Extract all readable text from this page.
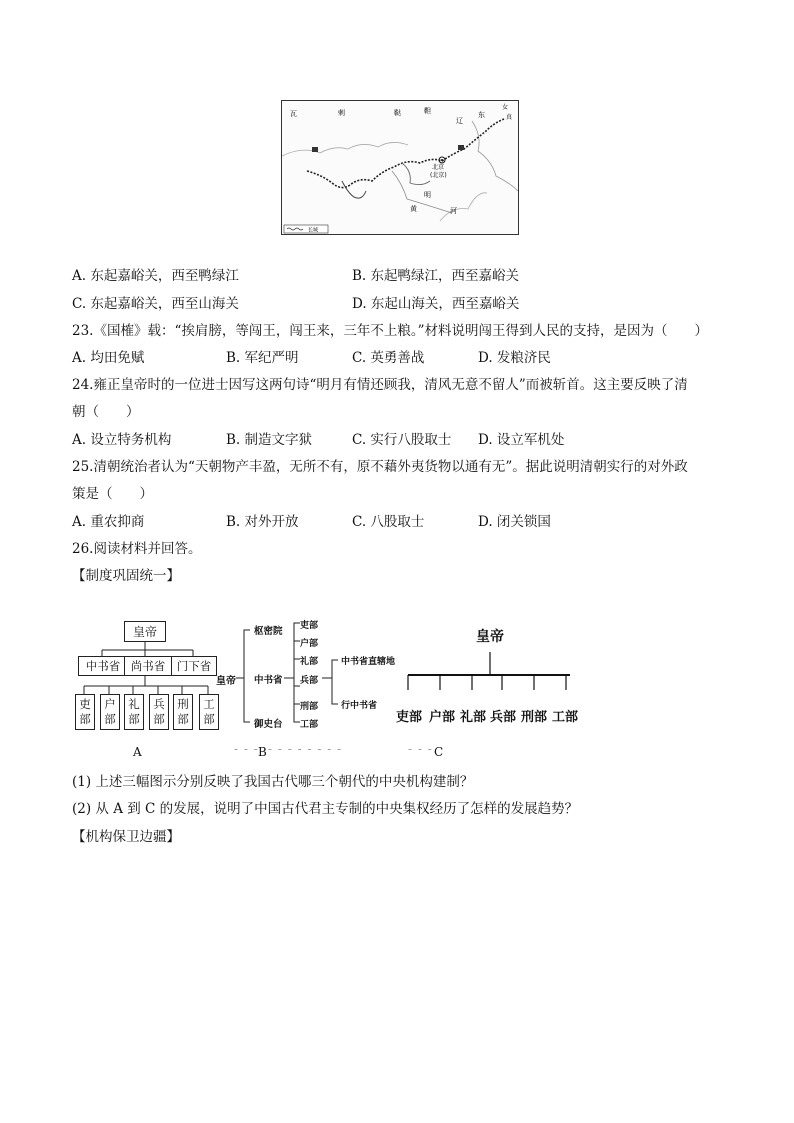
瓦	剌	鞑	靼
辽
东
女
真
北京
(北京)
明
黄	河
长城
A. 东起嘉峪关，西至鸭绿江	B. 东起鸭绿江，西至嘉峪关
C. 东起嘉峪关，西至山海关	D. 东起山海关，西至嘉峪关
23.《国榷》载：“挨肩膀，等闯王，闯王来，三年不上粮。”材料说明闯王得到人民的支持，是因为（　　）
A. 均田免赋	B. 军纪严明	C. 英勇善战	D. 发粮济民
24.雍正皇帝时的一位进士因写这两句诗“明月有情还顾我，清风无意不留人”而被斩首。这主要反映了清
朝（　　）
A. 设立特务机构	B. 制造文字狱	C. 实行八股取士 D. 设立军机处
25.清朝统治者认为“天朝物产丰盈，无所不有，原不藉外夷货物以通有无”。据此说明清朝实行的对外政
策是（　　）
A. 重农抑商	B. 对外开放	C. 八股取士	D. 闭关锁国
26.阅读材料并回答。
【制度巩固统一】
皇帝
中书省 尚书省	门下省
吏
部
户
部
礼
部
兵
部
刑
部
工
部
A
皇帝
枢密院
中书省
御史台
吏部
户部
礼部
兵部
刑部
工部
中书省直辖地
行中书省
- - - B - - - - - - - -
皇帝
吏部 户部 礼部 兵部 刑部 工部
- - - C
(1) 上述三幅图示分别反映了我国古代哪三个朝代的中央机构建制？
(2) 从 A 到 C 的发展，说明了中国古代君主专制的中央集权经历了怎样的发展趋势？
【机构保卫边疆】
